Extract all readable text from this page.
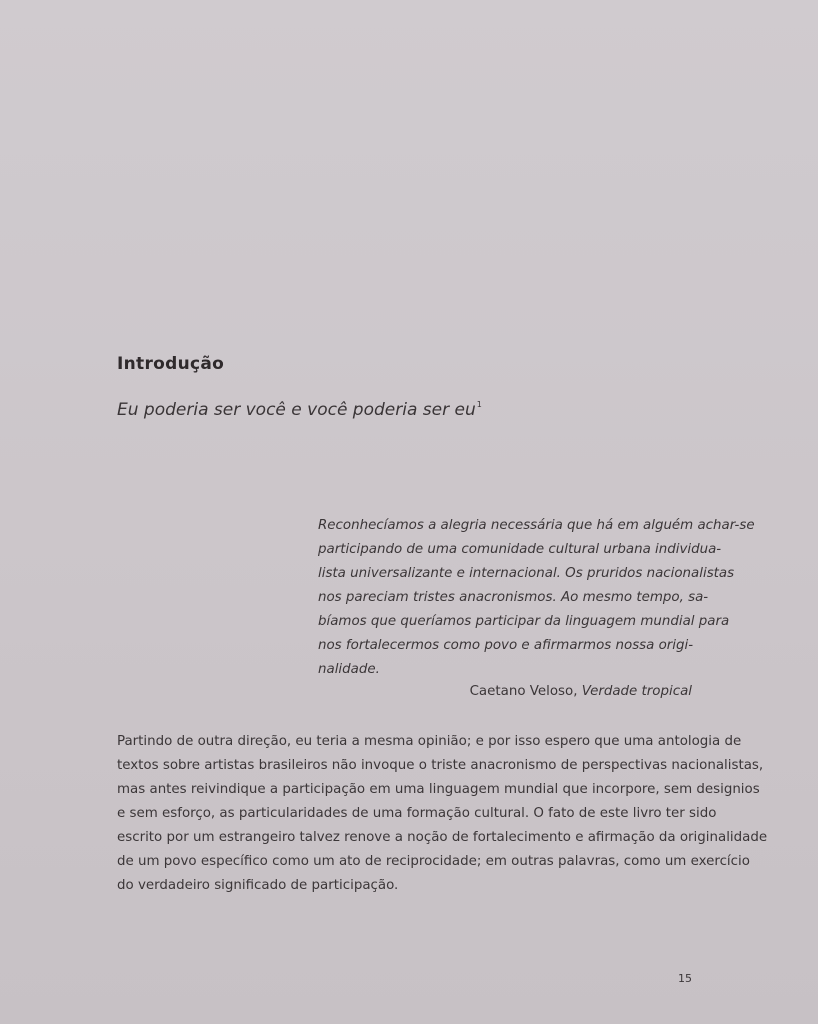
Introdução

Eu poderia ser você e você poderia ser $eu^1$

Reconhecíamos a alegria necessária que há em alguém achar-se
participando de uma comunidade cultural urbana individua-
lista universalizante e internacional. Os pruridos nacionalistas
nos pareciam tristes anacronismos. Ao mesmo tempo, sa-
bíamos que queríamos participar da linguagem mundial para
nos fortalecermos como povo e afirmarmos nossa origi-
nalidade.

Caetano Veloso, Verdade tropical

Partindo de outra direção, eu teria a mesma opinião; e por isso espero que uma antologia de
textos sobre artistas brasileiros não invoque o triste anacronismo de perspectivas nacionalistas,
mas antes reivindique a participação em uma linguagem mundial que incorpore, sem designios
e sem esforço, as particularidades de uma formação cultural. O fato de este livro ter sido
escrito por um estrangeiro talvez renove a noção de fortalecimento e afirmação da originalidade
de um povo específico como um ato de reciprocidade; em outras palavras, como um exercício
do verdadeiro significado de participação.

15
